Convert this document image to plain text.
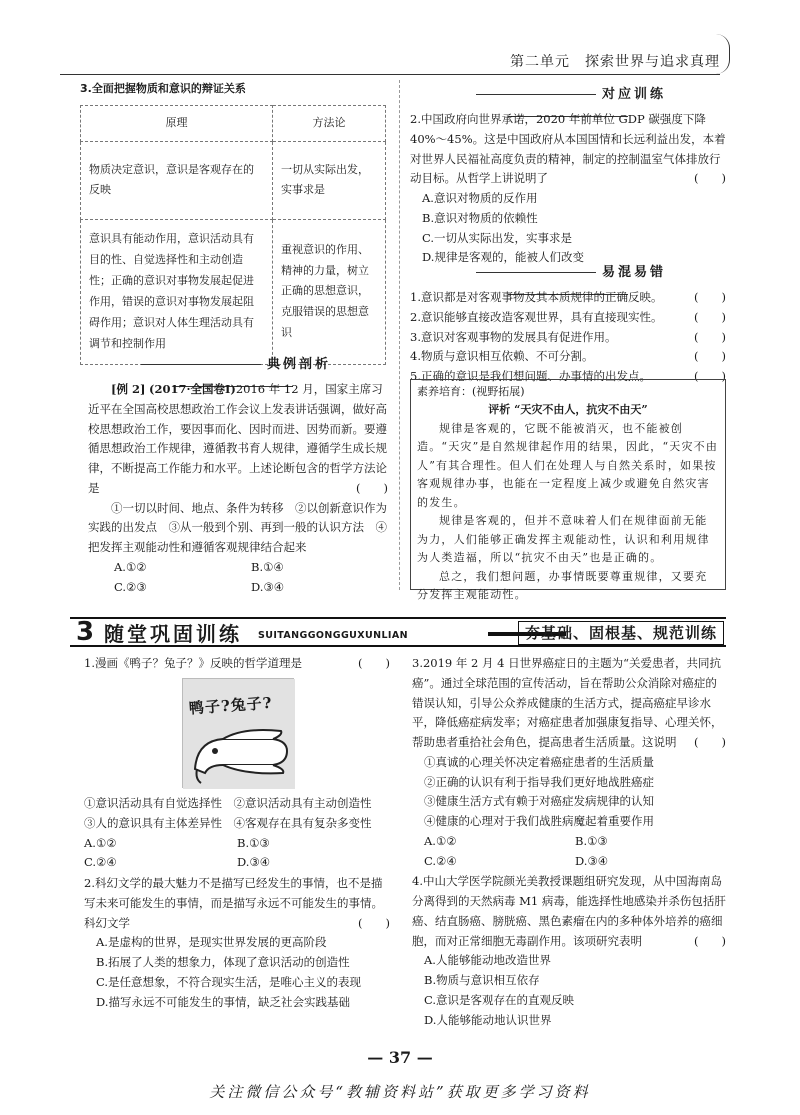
第二单元　探索世界与追求真理
3.全面把握物质和意识的辩证关系
原理	方法论
物质决定意识，意识是客观存在的反映	一切从实际出发，实事求是
意识具有能动作用，意识活动具有目的性、自觉选择性和主动创造性；正确的意识对事物发展起促进作用，错误的意识对事物发展起阻碍作用；意识对人体生理活动具有调节和控制作用	重视意识的作用、精神的力量，树立正确的思想意识，克服错误的思想意识
典例剖析

[例 2] (2017·全国卷Ⅰ)2016 年 12 月，国家主席习近平在全国高校思想政治工作会议上发表讲话强调，做好高校思想政治工作，要因事而化、因时而进、因势而新。要遵循思想政治工作规律，遵循教书育人规律，遵循学生成长规律，不断提高工作能力和水平。上述论断包含的哲学方法论是	(　　)

①一切以时间、地点、条件为转移　②以创新意识作为实践的出发点　③从一般到个别、再到一般的认识方法　④把发挥主观能动性和遵循客观规律结合起来

A.①②	B.①④
C.②③	D.③④
对应训练

2.中国政府向世界承诺，2020 年前单位 GDP 碳强度下降 40%～45%。这是中国政府从本国国情和长远利益出发，本着对世界人民福祉高度负责的精神，制定的控制温室气体排放行动目标。从哲学上讲说明了	(　　)

A.意识对物质的反作用

B.意识对物质的依赖性

C.一切从实际出发，实事求是

D.规律是客观的，能被人们改变

易混易错

1.意识都是对客观事物及其本质规律的正确反映。	(　　)

2.意识能够直接改造客观世界，具有直接现实性。	(　　)

3.意识对客观事物的发展具有促进作用。	(　　)

4.物质与意识相互依赖、不可分割。	(　　)

5.正确的意识是我们想问题、办事情的出发点。	(　　)

素养培育：(视野拓展)
评析 “天灾不由人，抗灾不由天”
规律是客观的，它既不能被消灭，也不能被创造。“天灾”是自然规律起作用的结果，因此，“天灾不由人”有其合理性。但人们在处理人与自然关系时，如果按客观规律办事，也能在一定程度上减少或避免自然灾害的发生。
规律是客观的，但并不意味着人们在规律面前无能为力，人们能够正确发挥主观能动性，认识和利用规律为人类造福，所以“抗灾不由天”也是正确的。
总之，我们想问题，办事情既要尊重规律，又要充分发挥主观能动性。
3 随堂巩固训练 SUITANGGONGGUXUNLIAN	夯基础、固根基、规范训练

1.漫画《鸭子？兔子？》反映的哲学道理是	(　　)

鸭子?兔子?

①意识活动具有自觉选择性　②意识活动具有主动创造性　③人的意识具有主体差异性　④客观存在具有复杂多变性

A.①②	B.①③
C.②④	D.③④

2.科幻文学的最大魅力不是描写已经发生的事情，也不是描写未来可能发生的事情，而是描写永远不可能发生的事情。科幻文学	(　　)

A.是虚构的世界，是现实世界发展的更高阶段

B.拓展了人类的想象力，体现了意识活动的创造性

C.是任意想象，不符合现实生活，是唯心主义的表现

D.描写永远不可能发生的事情，缺乏社会实践基础

3.2019 年 2 月 4 日世界癌症日的主题为“关爱患者，共同抗癌”。通过全球范围的宣传活动，旨在帮助公众消除对癌症的错误认知，引导公众养成健康的生活方式，提高癌症早诊水平，降低癌症病发率；对癌症患者加强康复指导、心理关怀，帮助患者重拾社会角色，提高患者生活质量。这说明 (　　)

①真诚的心理关怀决定着癌症患者的生活质量

②正确的认识有利于指导我们更好地战胜癌症

③健康生活方式有赖于对癌症发病规律的认知

④健康的心理对于我们战胜病魔起着重要作用

A.①②	B.①③
C.②④	D.③④

4.中山大学医学院颜光美教授课题组研究发现，从中国海南岛分离得到的天然病毒 M1 病毒，能选择性地感染并杀伤包括肝癌、结直肠癌、膀胱癌、黑色素瘤在内的多种体外培养的癌细胞，而对正常细胞无毒副作用。该项研究表明	(　　)

A.人能够能动地改造世界

B.物质与意识相互依存

C.意识是客观存在的直观反映

D.人能够能动地认识世界

— 37 —
关注微信公众号“教辅资料站”获取更多学习资料
